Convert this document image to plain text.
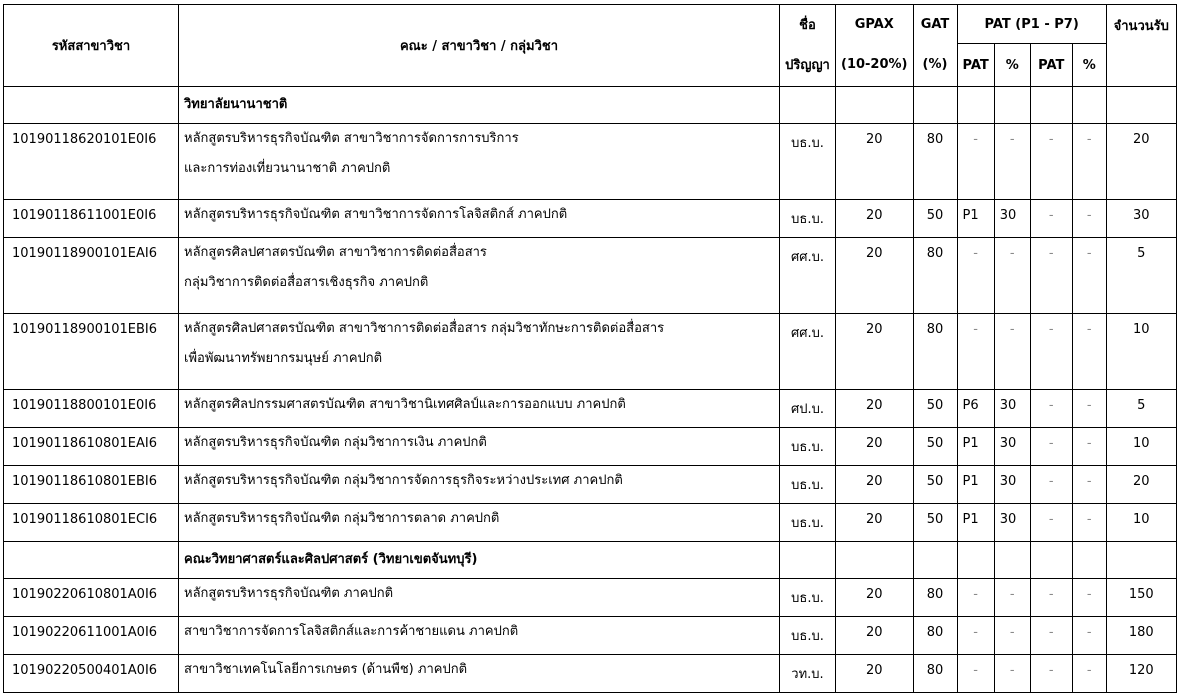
รหัสสาขาวิชา	คณะ / สาขาวิชา / กลุ่มวิชา	ชื่อ	GPAX	GAT	PAT (P1 - P7)				จำนวนรับ
		ปริญญา	(10-20%)	(%)	PAT	%	PAT	%	
	วิทยาลัยนานาชาติ								
10190118620101E0I6	หลักสูตรบริหารธุรกิจบัณฑิต สาขาวิชาการจัดการการบริการ
และการท่องเที่ยวนานาชาติ ภาคปกติ	บธ.บ.	20	80	-	-	-	-	20
10190118611001E0I6	หลักสูตรบริหารธุรกิจบัณฑิต สาขาวิชาการจัดการโลจิสติกส์ ภาคปกติ	บธ.บ.	20	50	P1	30	-	-	30
10190118900101EAI6	หลักสูตรศิลปศาสตรบัณฑิต สาขาวิชาการติดต่อสื่อสาร
กลุ่มวิชาการติดต่อสื่อสารเชิงธุรกิจ ภาคปกติ	ศศ.บ.	20	80	-	-	-	-	5
10190118900101EBI6	หลักสูตรศิลปศาสตรบัณฑิต สาขาวิชาการติดต่อสื่อสาร กลุ่มวิชาทักษะการติดต่อสื่อสาร
เพื่อพัฒนาทรัพยากรมนุษย์ ภาคปกติ	ศศ.บ.	20	80	-	-	-	-	10
10190118800101E0I6	หลักสูตรศิลปกรรมศาสตรบัณฑิต สาขาวิชานิเทศศิลป์และการออกแบบ ภาคปกติ	ศป.บ.	20	50	P6	30	-	-	5
10190118610801EAI6	หลักสูตรบริหารธุรกิจบัณฑิต กลุ่มวิชาการเงิน ภาคปกติ	บธ.บ.	20	50	P1	30	-	-	10
10190118610801EBI6	หลักสูตรบริหารธุรกิจบัณฑิต กลุ่มวิชาการจัดการธุรกิจระหว่างประเทศ ภาคปกติ	บธ.บ.	20	50	P1	30	-	-	20
10190118610801ECI6	หลักสูตรบริหารธุรกิจบัณฑิต กลุ่มวิชาการตลาด ภาคปกติ	บธ.บ.	20	50	P1	30	-	-	10
	คณะวิทยาศาสตร์และศิลปศาสตร์ (วิทยาเขตจันทบุรี)								
10190220610801A0I6	หลักสูตรบริหารธุรกิจบัณฑิต ภาคปกติ	บธ.บ.	20	80	-	-	-	-	150
10190220611001A0I6	สาขาวิชาการจัดการโลจิสติกส์และการค้าชายแดน ภาคปกติ	บธ.บ.	20	80	-	-	-	-	180
10190220500401A0I6	สาขาวิชาเทคโนโลยีการเกษตร (ด้านพืช) ภาคปกติ	วท.บ.	20	80	-	-	-	-	120
